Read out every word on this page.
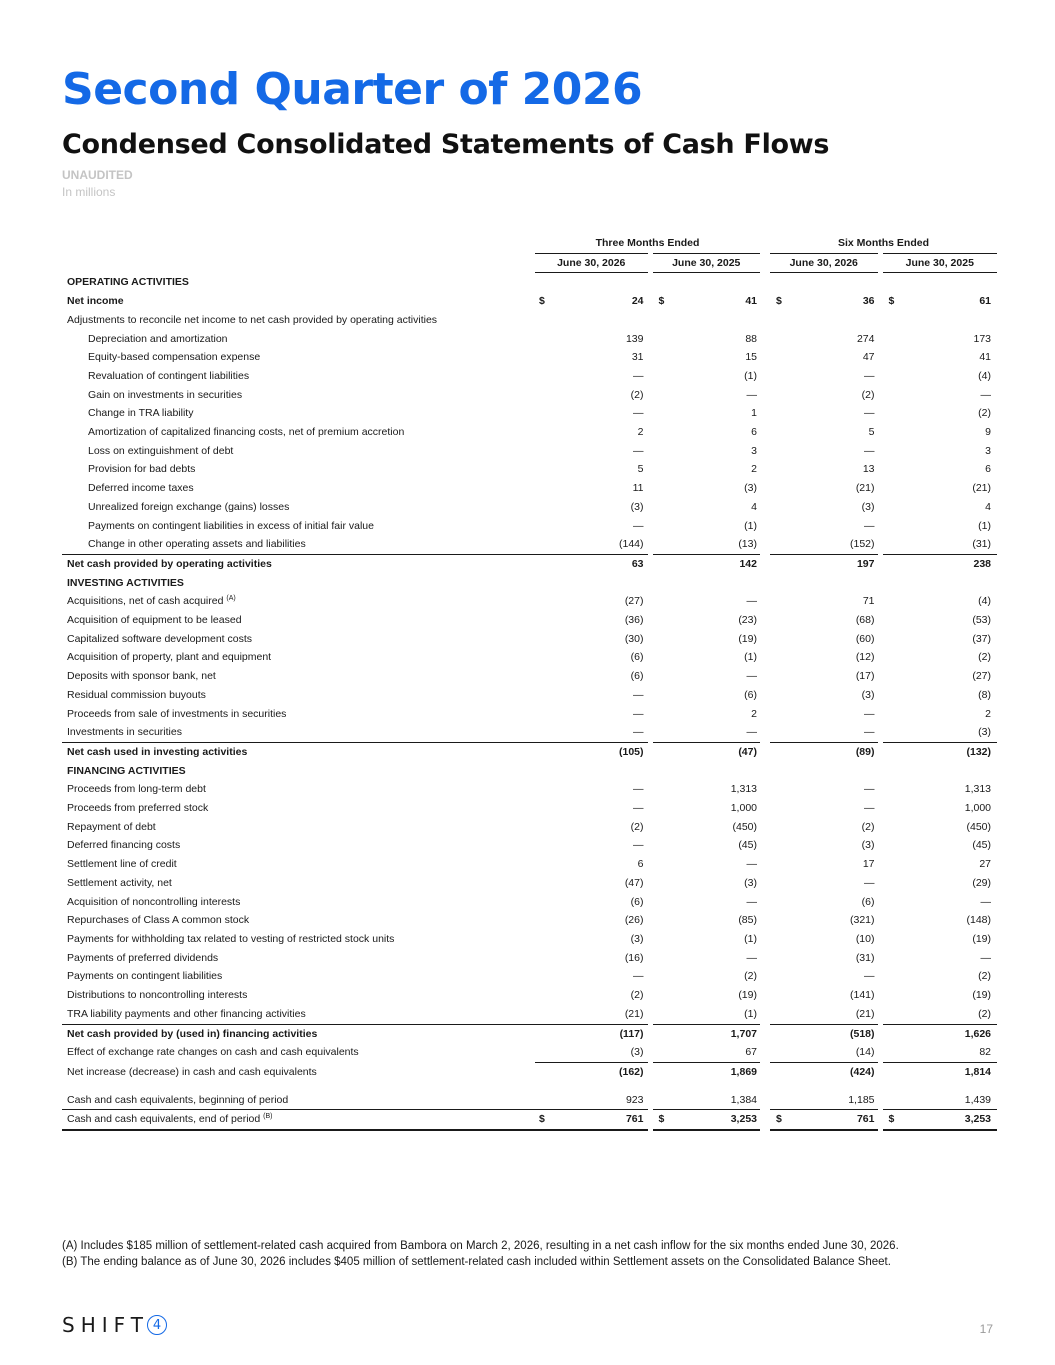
Second Quarter of 2026
Condensed Consolidated Statements of Cash Flows
UNAUDITED
In millions
	Three Months Ended		Six Months Ended	
	June 30, 2026	June 30, 2025	June 30, 2026	June 30, 2025
OPERATING ACTIVITIES				
Net income	$ 24	$ 41	$ 36	$ 61

Adjustments to reconcile net income to net cash provided by operating activities				
Depreciation and amortization	139	88	274	173

Equity-based compensation expense	31	15	47	41

Revaluation of contingent liabilities	—	(1)	—	(4)

Gain on investments in securities	(2)	—	(2)	—

Change in TRA liability	—	1	—	(2)

Amortization of capitalized financing costs, net of premium accretion	2	6	5	9

Loss on extinguishment of debt	—	3	—	3

Provision for bad debts	5	2	13	6

Deferred income taxes	11	(3)	(21)	(21)

Unrealized foreign exchange (gains) losses	(3)	4	(3)	4

Payments on contingent liabilities in excess of initial fair value	—	(1)	—	(1)

Change in other operating assets and liabilities	(144)	(13)	(152)	(31)

Net cash provided by operating activities	63	142	197	238

INVESTING ACTIVITIES				
Acquisitions, net of cash acquired $^{(A)}$	(27)	—	71	(4)

Acquisition of equipment to be leased	(36)	(23)	(68)	(53)

Capitalized software development costs	(30)	(19)	(60)	(37)

Acquisition of property, plant and equipment	(6)	(1)	(12)	(2)

Deposits with sponsor bank, net	(6)	—	(17)	(27)

Residual commission buyouts	—	(6)	(3)	(8)

Proceeds from sale of investments in securities	—	2	—	2

Investments in securities	—	—	—	(3)

Net cash used in investing activities	(105)	(47)	(89)	(132)

FINANCING ACTIVITIES				
Proceeds from long-term debt	—	1,313	—	1,313

Proceeds from preferred stock	—	1,000	—	1,000

Repayment of debt	(2)	(450)	(2)	(450)

Deferred financing costs	—	(45)	(3)	(45)

Settlement line of credit	6	—	17	27

Settlement activity, net	(47)	(3)	—	(29)

Acquisition of noncontrolling interests	(6)	—	(6)	—

Repurchases of Class A common stock	(26)	(85)	(321)	(148)

Payments for withholding tax related to vesting of restricted stock units	(3)	(1)	(10)	(19)

Payments of preferred dividends	(16)	—	(31)	—

Payments on contingent liabilities	—	(2)	—	(2)

Distributions to noncontrolling interests	(2)	(19)	(141)	(19)

TRA liability payments and other financing activities	(21)	(1)	(21)	(2)

Net cash provided by (used in) financing activities	(117)	1,707	(518)	1,626

Effect of exchange rate changes on cash and cash equivalents	(3)	67	(14)	82

Net increase (decrease) in cash and cash equivalents	(162)	1,869	(424)	1,814

Cash and cash equivalents, beginning of period	923	1,384	1,185	1,439

Cash and cash equivalents, end of period $^{(B)}$	$ 761	$ 3,253	$ 761	$ 3,253
(A) Includes $185 million of settlement-related cash acquired from Bambora on March 2, 2026, resulting in a net cash inflow for the six months ended June 30, 2026.
(B) The ending balance as of June 30, 2026 includes $405 million of settlement-related cash included within Settlement assets on the Consolidated Balance Sheet.
SHIFT 4	17
